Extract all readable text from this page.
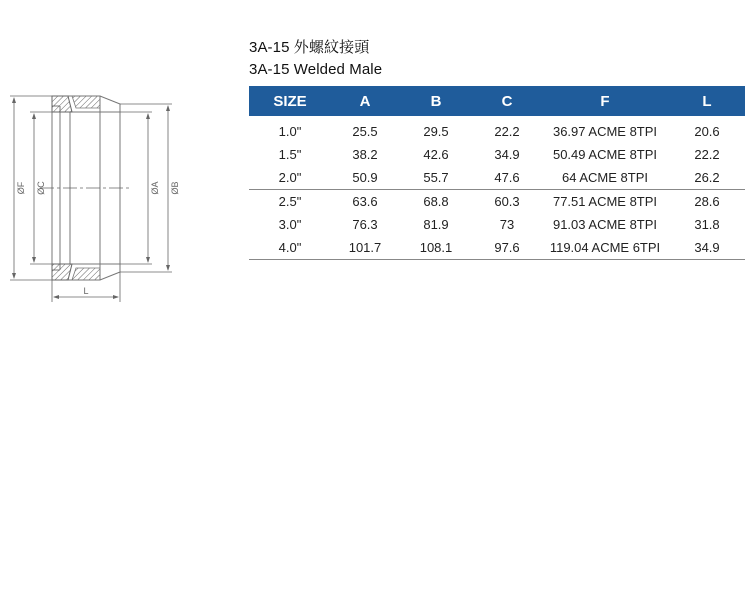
ØF ØC	ØA ØB
L
3A-15 外螺紋接頭
3A-15 Welded Male
SIZE	A	B	C	F	L
1.0"	25.5	29.5	22.2	36.97 ACME 8TPI	20.6
1.5"	38.2	42.6	34.9	50.49 ACME 8TPI	22.2
2.0"	50.9	55.7	47.6	64 ACME 8TPI	26.2
2.5"	63.6	68.8	60.3	77.51 ACME 8TPI	28.6
3.0"	76.3	81.9	73	91.03 ACME 8TPI	31.8
4.0"	101.7	108.1	97.6	119.04 ACME 6TPI	34.9
